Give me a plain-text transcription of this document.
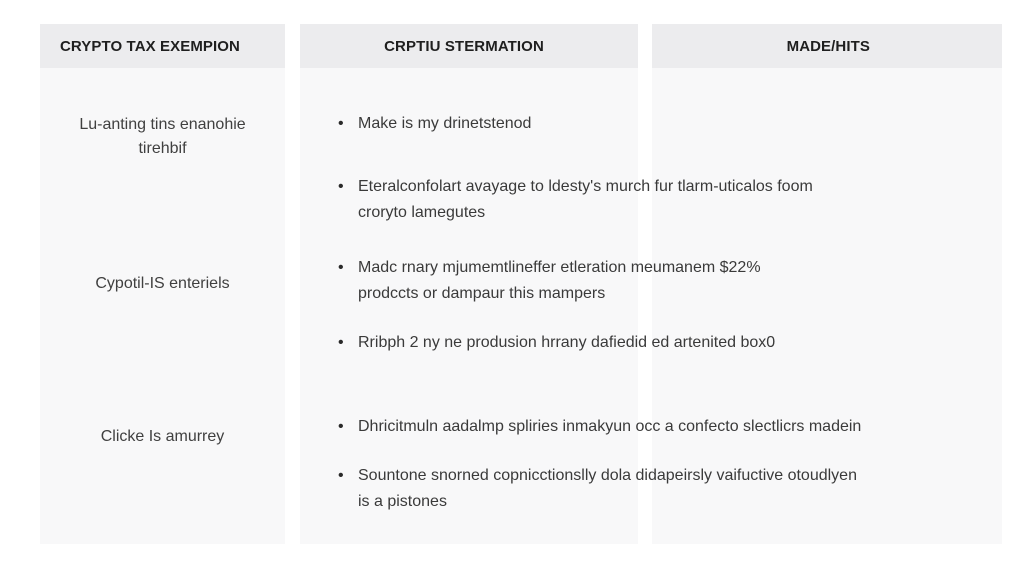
CRYPTO TAX EXEMPION	CRPTIU STERMATION	MADE/HITS
Lu-anting tins enanohie
tirehbif
Cypotil-IS enteriels
Clicke Is amurrey
• Make is my drinetstenod
• Eteralconfolart avayage to ldesty's murch fur tlarm-uticalos foom
croryto lamegutes
• Madc rnary mjumemtlineffer etleration meumanem $22%
prodccts or dampaur this mampers
• Rribph 2 ny ne produsion hrrany dafiedid ed artenited box0
• Dhricitmuln aadalmp spliries inmakyun occ a confecto slectlicrs madein
• Sountone snorned copnicctionslly dola didapeirsly vaifuctive otoudlyen
is a pistones
